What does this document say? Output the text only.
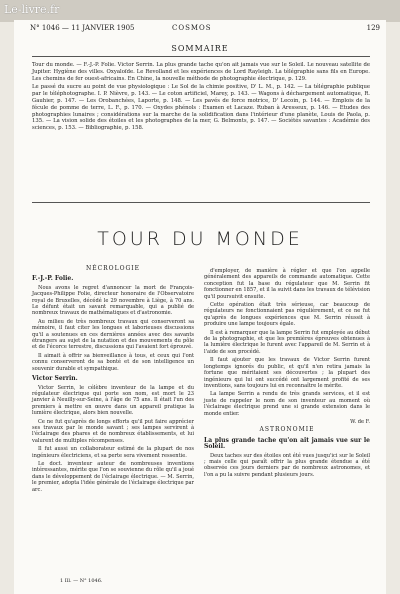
Le-livre.fr
N° 1046 — 11 JANVIER 1905	COSMOS	129
SOMMAIRE

Tour du monde. — F.-J.-P. Folie. Victor Serrin. La plus grande tache qu'on ait jamais vue sur le Soleil. Le nouveau satellite de Jupiter. Hygiène des villes. Oxyaloïde. Le Revolland et les expériences de Lord Rayleigh. La télégraphie sans fils en Europe. Les chemins de fer ouest-africains. En Chine, la nouvelle méthode de photographie électrique, p. 129.

Le passé du sucre au point de vue physiologique : Le Sol de la chimie positive, D' L. M., p. 142. — La télégraphie publique par le téléphotographe. I. P. Nièvre, p. 143. — Le coton artificiel, Marey, p. 143. — Wagons à déchargement automatique, R. Gauhier, p. 147. — Les Orobanchées, Laporte, p. 148. — Les pavés de force motrice, D' Lecoin, p. 144. — Emplois de la fécule de pomme de terre, L. F., p. 170. — Oxydes phénols : Examen et Lacaze. Ruban à Aresseux, p. 146. — Etudes des photographies lunaires ; considérations sur la marche de la solidification dans l'intérieur d'une planète, Louis de Paola, p. 135. — La vision solide des étoiles et les photographes de la mer, G. Belmonts, p. 147. — Sociétés savantes : Académie des sciences, p. 153. — Bibliographie, p. 158.

TOUR DU MONDE
NÉCROLOGIE
F.-J.-P. Folie.

Nous avons le regret d'annoncer la mort de François-Jacques-Philippe Folie, directeur honoraire de l'Observatoire royal de Bruxelles, décédé le 29 novembre à Liège, à 70 ans. Le défunt était un savant remarquable, qui a publié de nombreux travaux de mathématiques et d'astronomie.

Au milieu de très nombreux travaux qui conserveront sa mémoire, il faut citer les longues et laborieuses discussions qu'il a soutenues en ces dernières années avec des savants étrangers au sujet de la nutation et des mouvements du pôle et de l'écorce terrestre, discussions qui l'avaient fort éprouvé.

Il aimait à offrir sa bienveillance à tous, et ceux qui l'ont connu conserveront de sa bonté et de son intelligence un souvenir durable et sympathique.

Victor Serrin.

Victor Serrin, le célèbre inventeur de la lampe et du régulateur électrique qui porte son nom, est mort le 23 janvier à Neuilly-sur-Seine, à l'âge de 75 ans. Il était l'un des premiers à mettre en œuvre dans un appareil pratique la lumière électrique, alors bien nouvelle.

Ce ne fut qu'après de longs efforts qu'il put faire apprécier ses travaux par le monde savant ; ses lampes servirent à l'éclairage des phares et de nombreux établissements, et lui valurent de multiples récompenses.

Il fut aussi un collaborateur estimé de la plupart de nos ingénieurs électriciens, et sa perte sera vivement ressentie.

Le doct. inventeur auteur de nombreuses inventions intéressantes, mérite que l'on se souvienne du rôle qu'il a joué dans le développement de l'éclairage électrique. — M. Serrin, le premier, adopta l'idée générale de l'éclairage électrique par arc.

d'employer, de manière à régler et que l'on appelle généralement des appareils de commande automatique. Cette conception fut la base du régulateur que M. Serrin fit fonctionner en 1857, et il la suivit dans les travaux de télévision qu'il poursuivit ensuite.

Cette opération était très sérieuse, car beaucoup de régulateurs ne fonctionnaient pas régulièrement, et ce ne fut qu'après de longues expériences que M. Serrin réussit à produire une lampe toujours égale.

Il est à remarquer que la lampe Serrin fut employée au début de la photographie, et que les premières épreuves obtenues à la lumière électrique le furent avec l'appareil de M. Serrin et à l'aide de son procédé.

Il faut ajouter que les travaux de Victor Serrin furent longtemps ignorés du public, et qu'il n'en retira jamais la fortune que méritaient ses découvertes ; la plupart des ingénieurs qui lui ont succédé ont largement profité de ses inventions, sans toujours lui en reconnaître le mérite.

La lampe Serrin a rendu de très grands services, et il est juste de rappeler le nom de son inventeur au moment où l'éclairage électrique prend une si grande extension dans le monde entier.

W. de F.
ASTRONOMIE
La plus grande tache qu'on ait jamais vue sur le Soleil.

Deux taches sur des étoiles ont été vues jusqu'ici sur le Soleil ; mais celle qui paraît offrir la plus grande étendue a été observée ces jours derniers par de nombreux astronomes, et l'on a pu la suivre pendant plusieurs jours.

1 Ill. — N° 1046.
